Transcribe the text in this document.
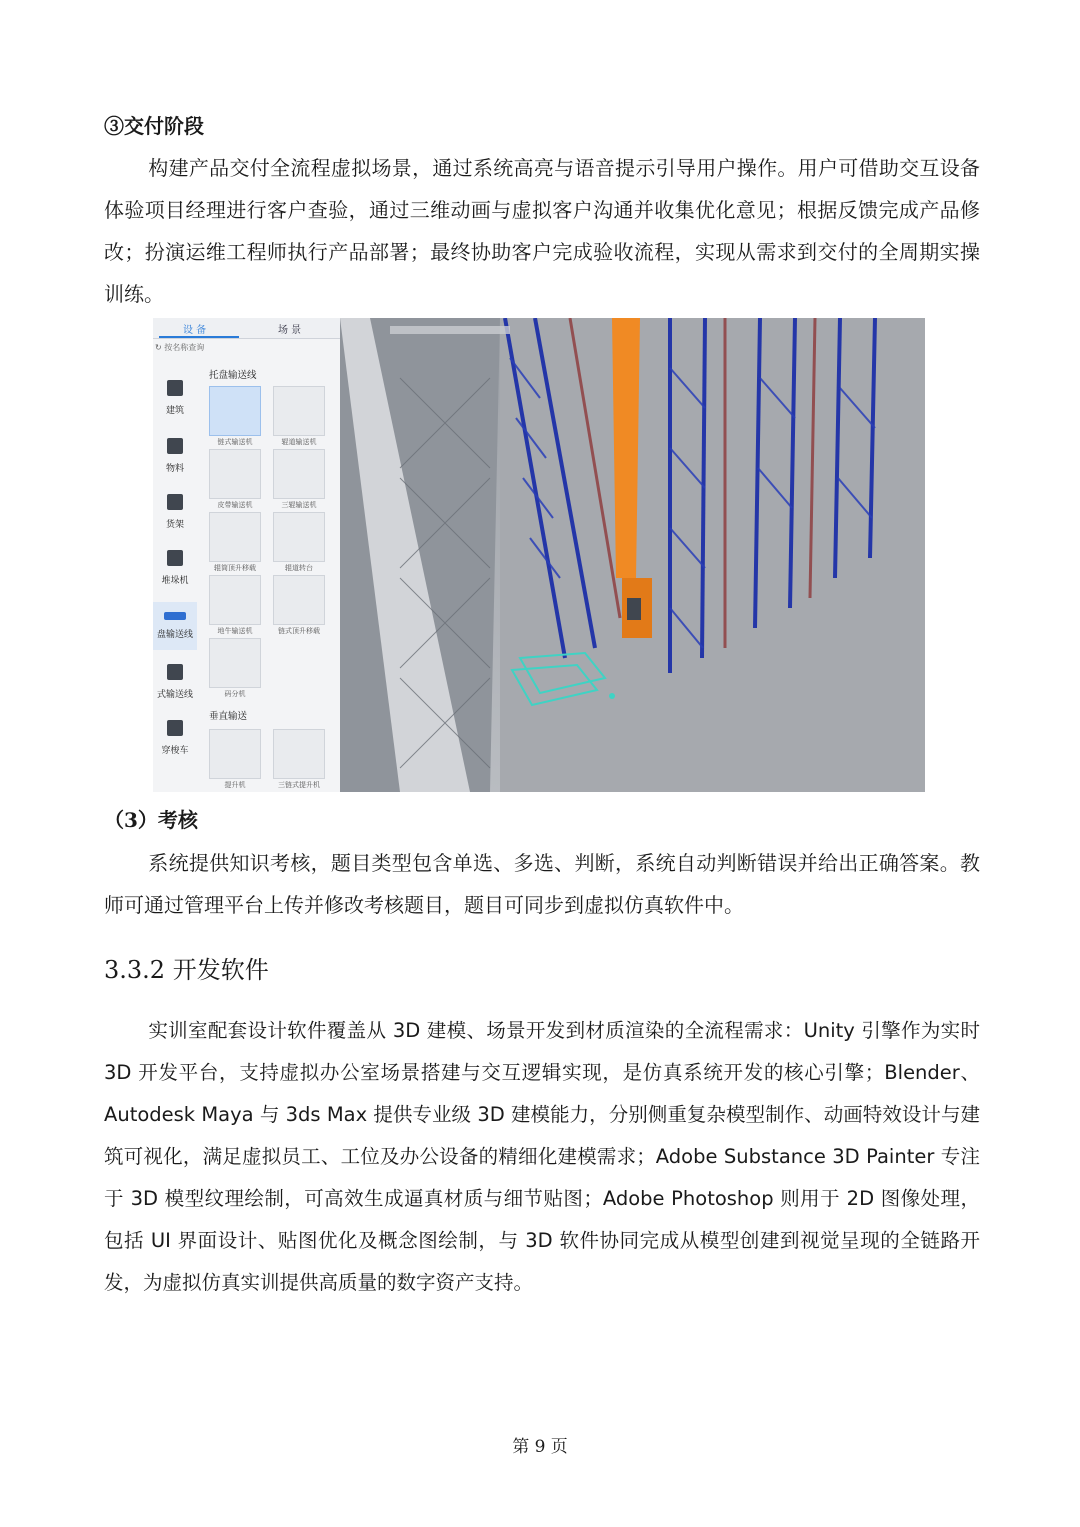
③交付阶段

构建产品交付全流程虚拟场景，通过系统高亮与语音提示引导用户操作。用户可借助交互设备体验项目经理进行客户查验，通过三维动画与虚拟客户沟通并收集优化意见；根据反馈完成产品修改；扮演运维工程师执行产品部署；最终协助客户完成验收流程，实现从需求到交付的全周期实操训练。

设 备	场 景
↻ 按名称查询
建筑
物料
货架
堆垛机
盘输送线
式输送线
穿梭车
托盘输送线
链式输送机	辊道输送机
皮带输送机	三辊输送机
辊筒顶升移载	辊道转台
地牛输送机	链式顶升移载
码分机
垂直输送
提升机	三链式提升机
（3）考核

系统提供知识考核，题目类型包含单选、多选、判断，系统自动判断错误并给出正确答案。教师可通过管理平台上传并修改考核题目，题目可同步到虚拟仿真软件中。

3.3.2 开发软件

实训室配套设计软件覆盖从 3D 建模、场景开发到材质渲染的全流程需求：Unity 引擎作为实时 3D 开发平台，支持虚拟办公室场景搭建与交互逻辑实现，是仿真系统开发的核心引擎；Blender、Autodesk Maya 与 3ds Max 提供专业级 3D 建模能力，分别侧重复杂模型制作、动画特效设计与建筑可视化，满足虚拟员工、工位及办公设备的精细化建模需求；Adobe Substance 3D Painter 专注于 3D 模型纹理绘制，可高效生成逼真材质与细节贴图；Adobe Photoshop 则用于 2D 图像处理，包括 UI 界面设计、贴图优化及概念图绘制，与 3D 软件协同完成从模型创建到视觉呈现的全链路开发，为虚拟仿真实训提供高质量的数字资产支持。

第 9 页
